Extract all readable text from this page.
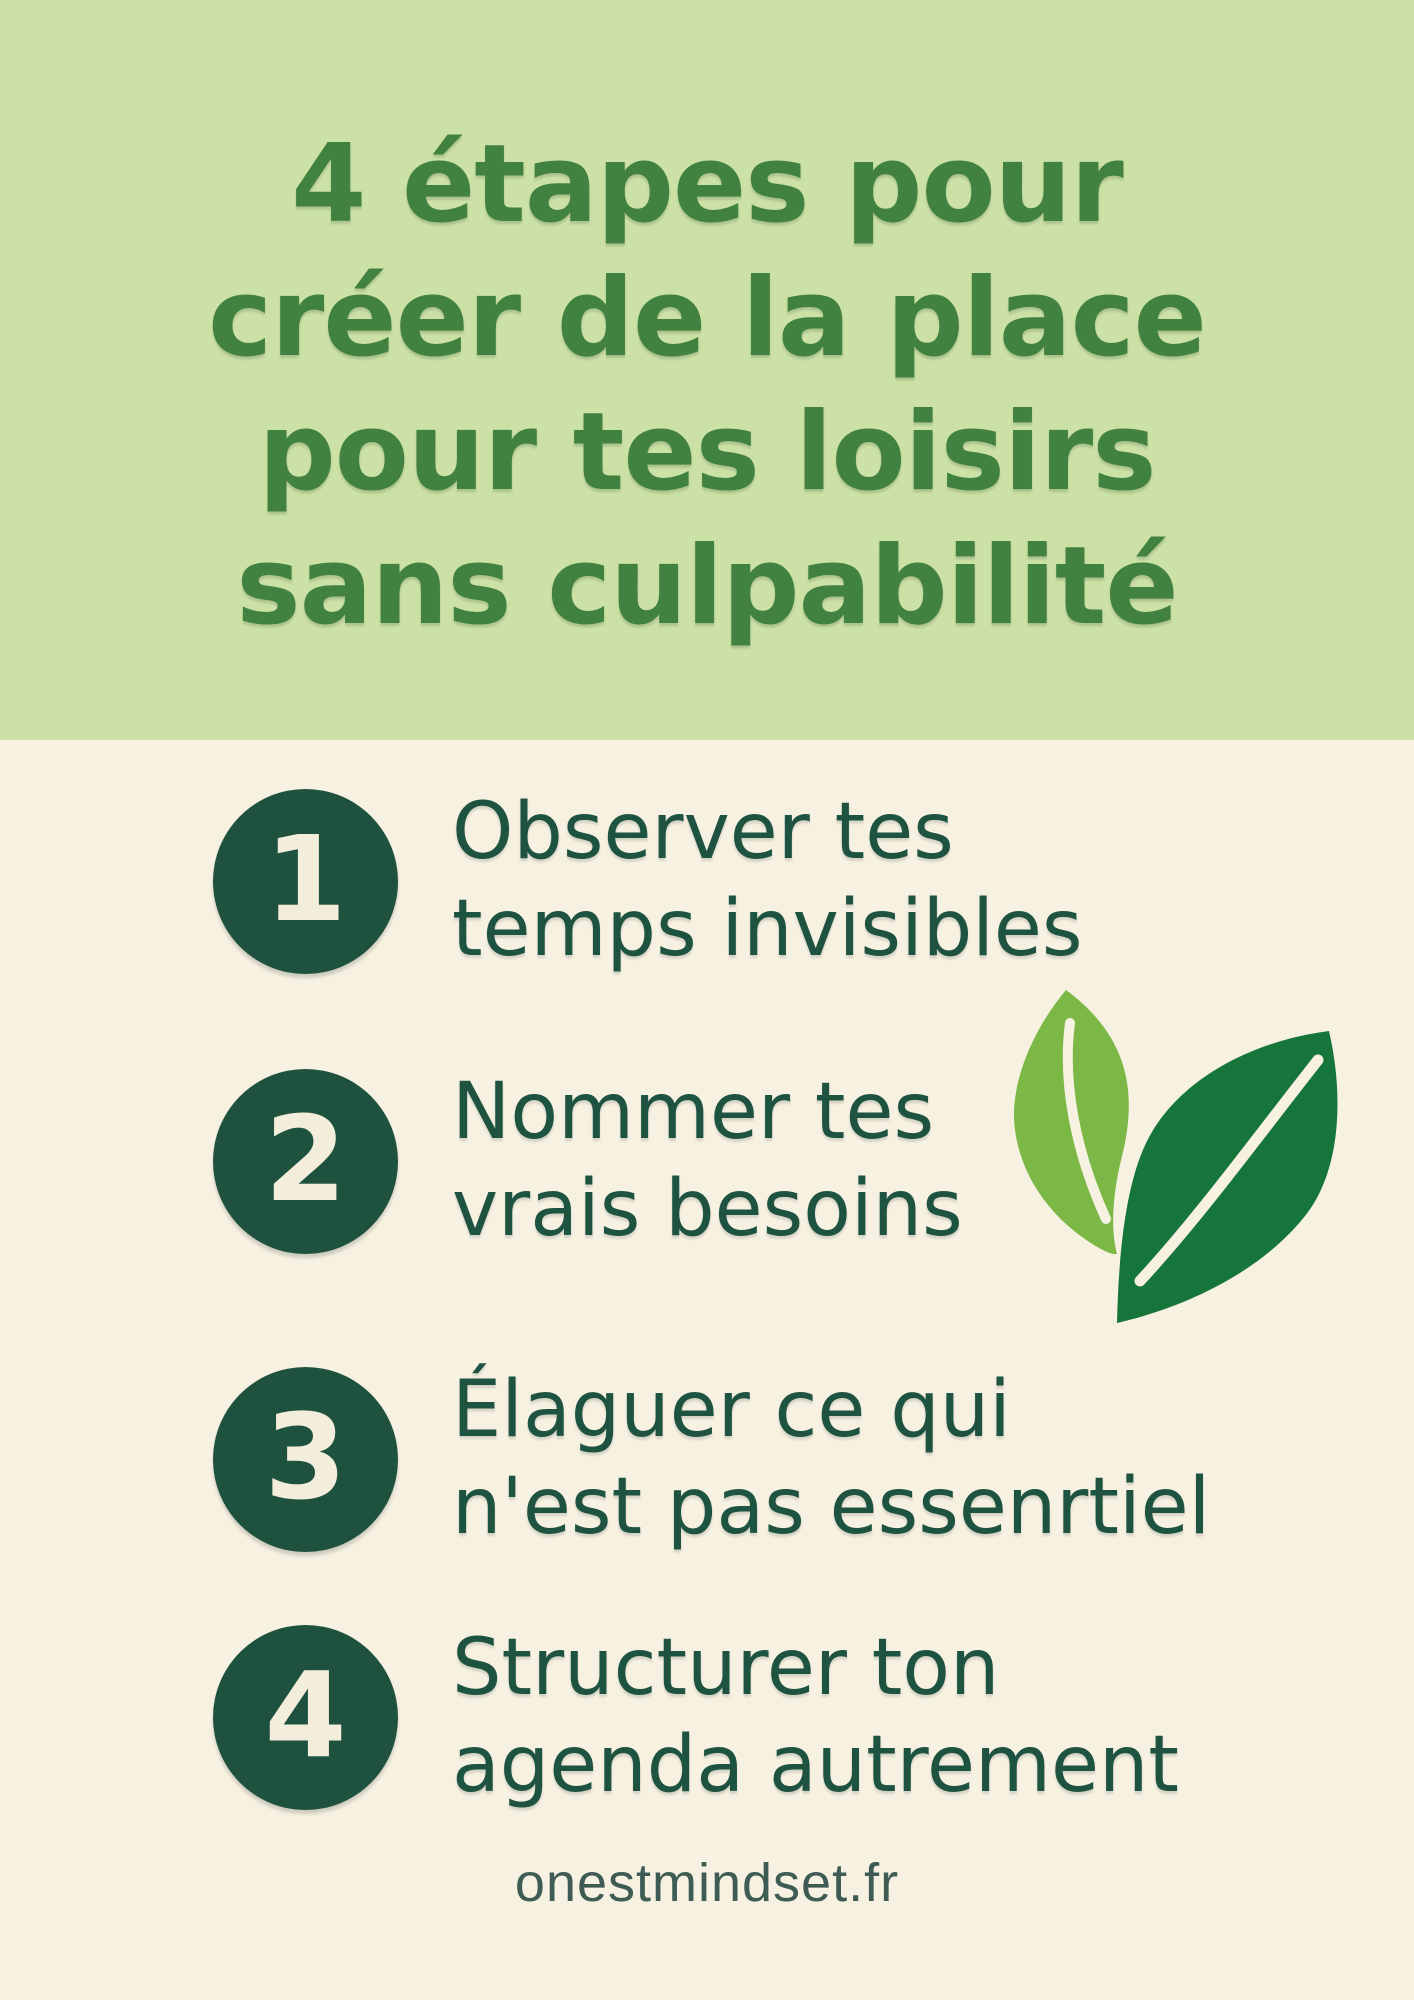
4 étapes pour
créer de la place
pour tes loisirs
sans culpabilité
1 Observer tes
temps invisibles
2 Nommer tes
vrais besoins
3 Élaguer ce qui
n'est pas essenrtiel
4 Structurer ton
agenda autrement
onestmindset.fr
